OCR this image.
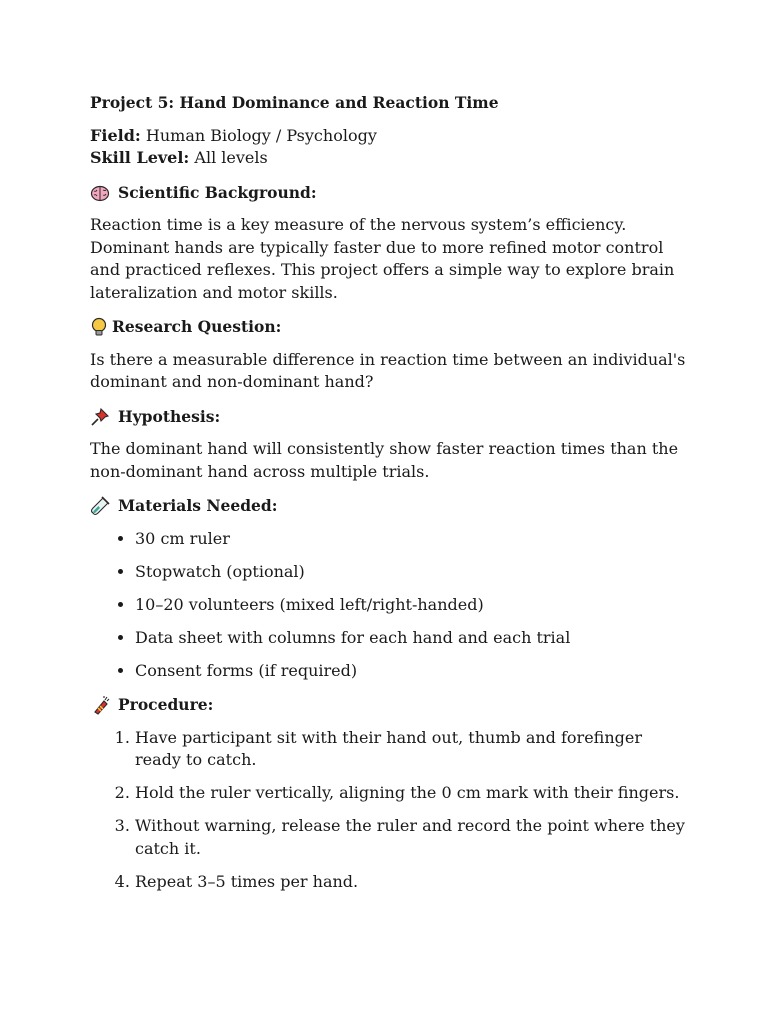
Project 5: Hand Dominance and Reaction Time

Field: Human Biology / Psychology

Skill Level: All levels

Scientific Background:

Reaction time is a key measure of the nervous system’s efficiency. Dominant hands are typically faster due to more refined motor control and practiced reflexes. This project offers a simple way to explore brain lateralization and motor skills.

Research Question:

Is there a measurable difference in reaction time between an individual's dominant and non-dominant hand?

Hypothesis:

The dominant hand will consistently show faster reaction times than the non-dominant hand across multiple trials.

Materials Needed:
• 30 cm ruler
• Stopwatch (optional)
• 10–20 volunteers (mixed left/right-handed)
• Data sheet with columns for each hand and each trial
• Consent forms (if required)
Procedure:
1. Have participant sit with their hand out, thumb and forefinger ready to catch.
2. Hold the ruler vertically, aligning the 0 cm mark with their fingers.
3. Without warning, release the ruler and record the point where they catch it.
4. Repeat 3–5 times per hand.
